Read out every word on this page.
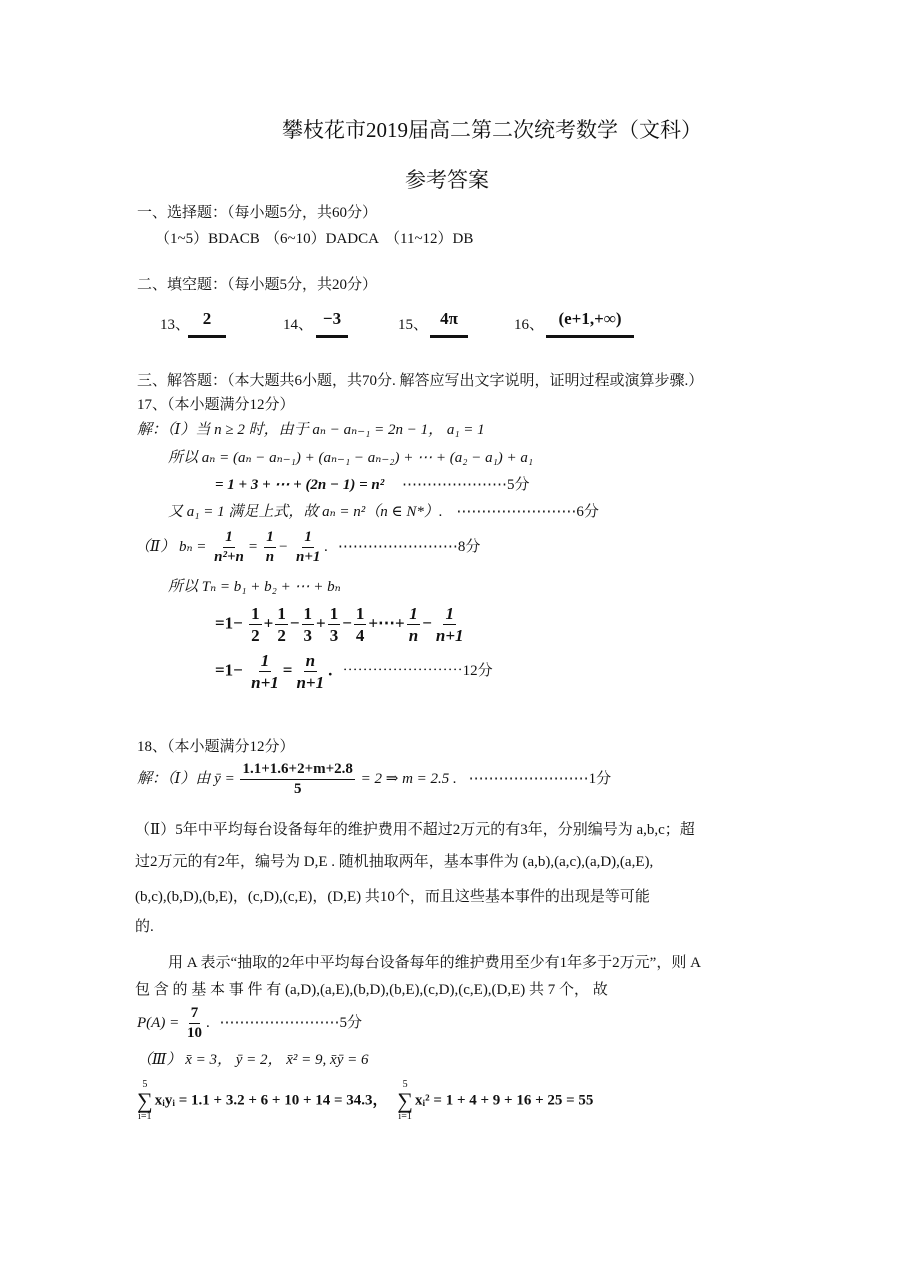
攀枝花市2019届高二第二次统考数学（文科）
参考答案
一、选择题：（每小题5分，共60分）
（1~5）BDACB （6~10）DADCA （11~12）DB
二、填空题：（每小题5分，共20分）
13、 2	14、 −3	15、 4π	16、 (e+1,+∞)
三、解答题：（本大题共6小题，共70分. 解答应写出文字说明，证明过程或演算步骤.）
17、（本小题满分12分）
解：（Ⅰ）当 n ≥ 2 时，由于 aₙ − aₙ₋₁ = 2n − 1， a₁ = 1
所以 aₙ = (aₙ − aₙ₋₁) + (aₙ₋₁ − aₙ₋₂) + ⋯ + (a₂ − a₁) + a₁
= 1 + 3 + ⋯ + (2n − 1) = n² ⋯⋯⋯⋯⋯⋯⋯5分
又 a₁ = 1 满足上式，故 aₙ = n²（n ∈ N*）. ⋯⋯⋯⋯⋯⋯⋯⋯6分
（Ⅱ） $b_n = \frac{1}{\text{n²+n}} = \frac{1}{n} - \frac{1}{n+1}$ . ⋯⋯⋯⋯⋯⋯⋯⋯8分
所以 Tₙ = b₁ + b₂ + ⋯ + bₙ
$=1- \frac{1}{2} + \frac{1}{2} - \frac{1}{3} + \frac{1}{3} - \frac{1}{4}$ +⋯+ $\frac{1}{n} - \frac{1}{n+1}$
$=1- \frac{1}{n+1} = \frac{n}{n+1}$ . ⋯⋯⋯⋯⋯⋯⋯⋯12分
18、（本小题满分12分）
解：（Ⅰ）由 ȳ = $\frac{1.1+1.6+2+m+2.8}{5} = 2$ ⇒ m = 2.5 . ⋯⋯⋯⋯⋯⋯⋯⋯1分
（Ⅱ）5年中平均每台设备每年的维护费用不超过2万元的有3年，分别编号为 a,b,c；超
过2万元的有2年，编号为 D,E . 随机抽取两年，基本事件为 (a,b),(a,c),(a,D),(a,E),
(b,c),(b,D),(b,E)，(c,D),(c,E)，(D,E) 共10个，而且这些基本事件的出现是等可能
的.
用 A 表示“抽取的2年中平均每台设备每年的维护费用至少有1年多于2万元”，则 A
包 含 的 基 本 事 件 有 (a,D),(a,E),(b,D),(b,E),(c,D),(c,E),(D,E) 共 7 个， 故
$P(A) = \frac{7}{10}$ . ⋯⋯⋯⋯⋯⋯⋯⋯5分
（Ⅲ） x̄ = 3， ȳ = 2， x̄² = 9, x̄ȳ = 6
5
∑
i=1
xᵢyᵢ = 1.1 + 3.2 + 6 + 10 + 14 = 34.3，
5
∑
i=1
xᵢ² = 1 + 4 + 9 + 16 + 25 = 55
